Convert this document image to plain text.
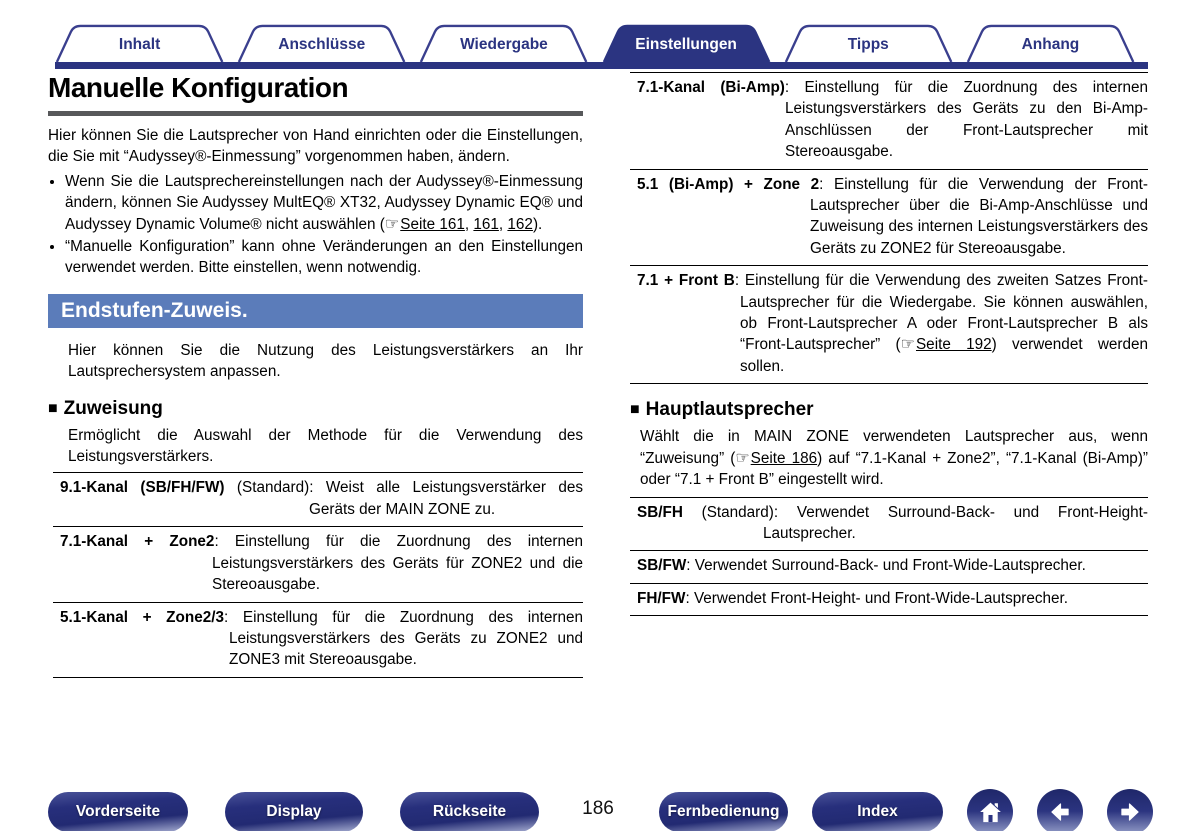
Inhalt	Anschlüsse	Wiedergabe	Einstellungen	Tipps	Anhang
Manuelle Konfiguration

Hier können Sie die Lautsprecher von Hand einrichten oder die Einstellungen, die Sie mit “Audyssey®-Einmessung” vorgenommen haben, ändern.

• Wenn Sie die Lautsprechereinstellungen nach der Audyssey®-Einmessung ändern, können Sie Audyssey MultEQ® XT32, Audyssey Dynamic EQ® und Audyssey Dynamic Volume® nicht auswählen (☞Seite 161, 161, 162).
• “Manuelle Konfiguration” kann ohne Veränderungen an den Einstellungen verwendet werden. Bitte einstellen, wenn notwendig.
Endstufen-Zuweis.

Hier können Sie die Nutzung des Leistungsverstärkers an Ihr Lautsprechersystem anpassen.

■ Zuweisung

Ermöglicht die Auswahl der Methode für die Verwendung des Leistungsverstärkers.

9.1-Kanal (SB/FH/FW) (Standard): Weist alle Leistungsverstärker des Geräts der MAIN ZONE zu.
7.1-Kanal + Zone2: Einstellung für die Zuordnung des internen Leistungsverstärkers des Geräts für ZONE2 und die Stereoausgabe.
5.1-Kanal + Zone2/3: Einstellung für die Zuordnung des internen Leistungsverstärkers des Geräts zu ZONE2 und ZONE3 mit Stereoausgabe.
7.1-Kanal (Bi-Amp): Einstellung für die Zuordnung des internen Leistungsverstärkers des Geräts zu den Bi-Amp-Anschlüssen der Front-Lautsprecher mit Stereoausgabe.
5.1 (Bi-Amp) + Zone 2: Einstellung für die Verwendung der Front-Lautsprecher über die Bi-Amp-Anschlüsse und Zuweisung des internen Leistungsverstärkers des Geräts zu ZONE2 für Stereoausgabe.
7.1 + Front B: Einstellung für die Verwendung des zweiten Satzes Front-Lautsprecher für die Wiedergabe. Sie können auswählen, ob Front-Lautsprecher A oder Front-Lautsprecher B als “Front-Lautsprecher” (☞Seite 192) verwendet werden sollen.
■ Hauptlautsprecher

Wählt die in MAIN ZONE verwendeten Lautsprecher aus, wenn “Zuweisung” (☞Seite 186) auf “7.1-Kanal + Zone2”, “7.1-Kanal (Bi-Amp)” oder “7.1 + Front B” eingestellt wird.

SB/FH (Standard): Verwendet Surround-Back- und Front-Height-Lautsprecher.
SB/FW: Verwendet Surround-Back- und Front-Wide-Lautsprecher.
FH/FW: Verwendet Front-Height- und Front-Wide-Lautsprecher.
Vorderseite	Display	Rückseite	186	Fernbedienung	Index
